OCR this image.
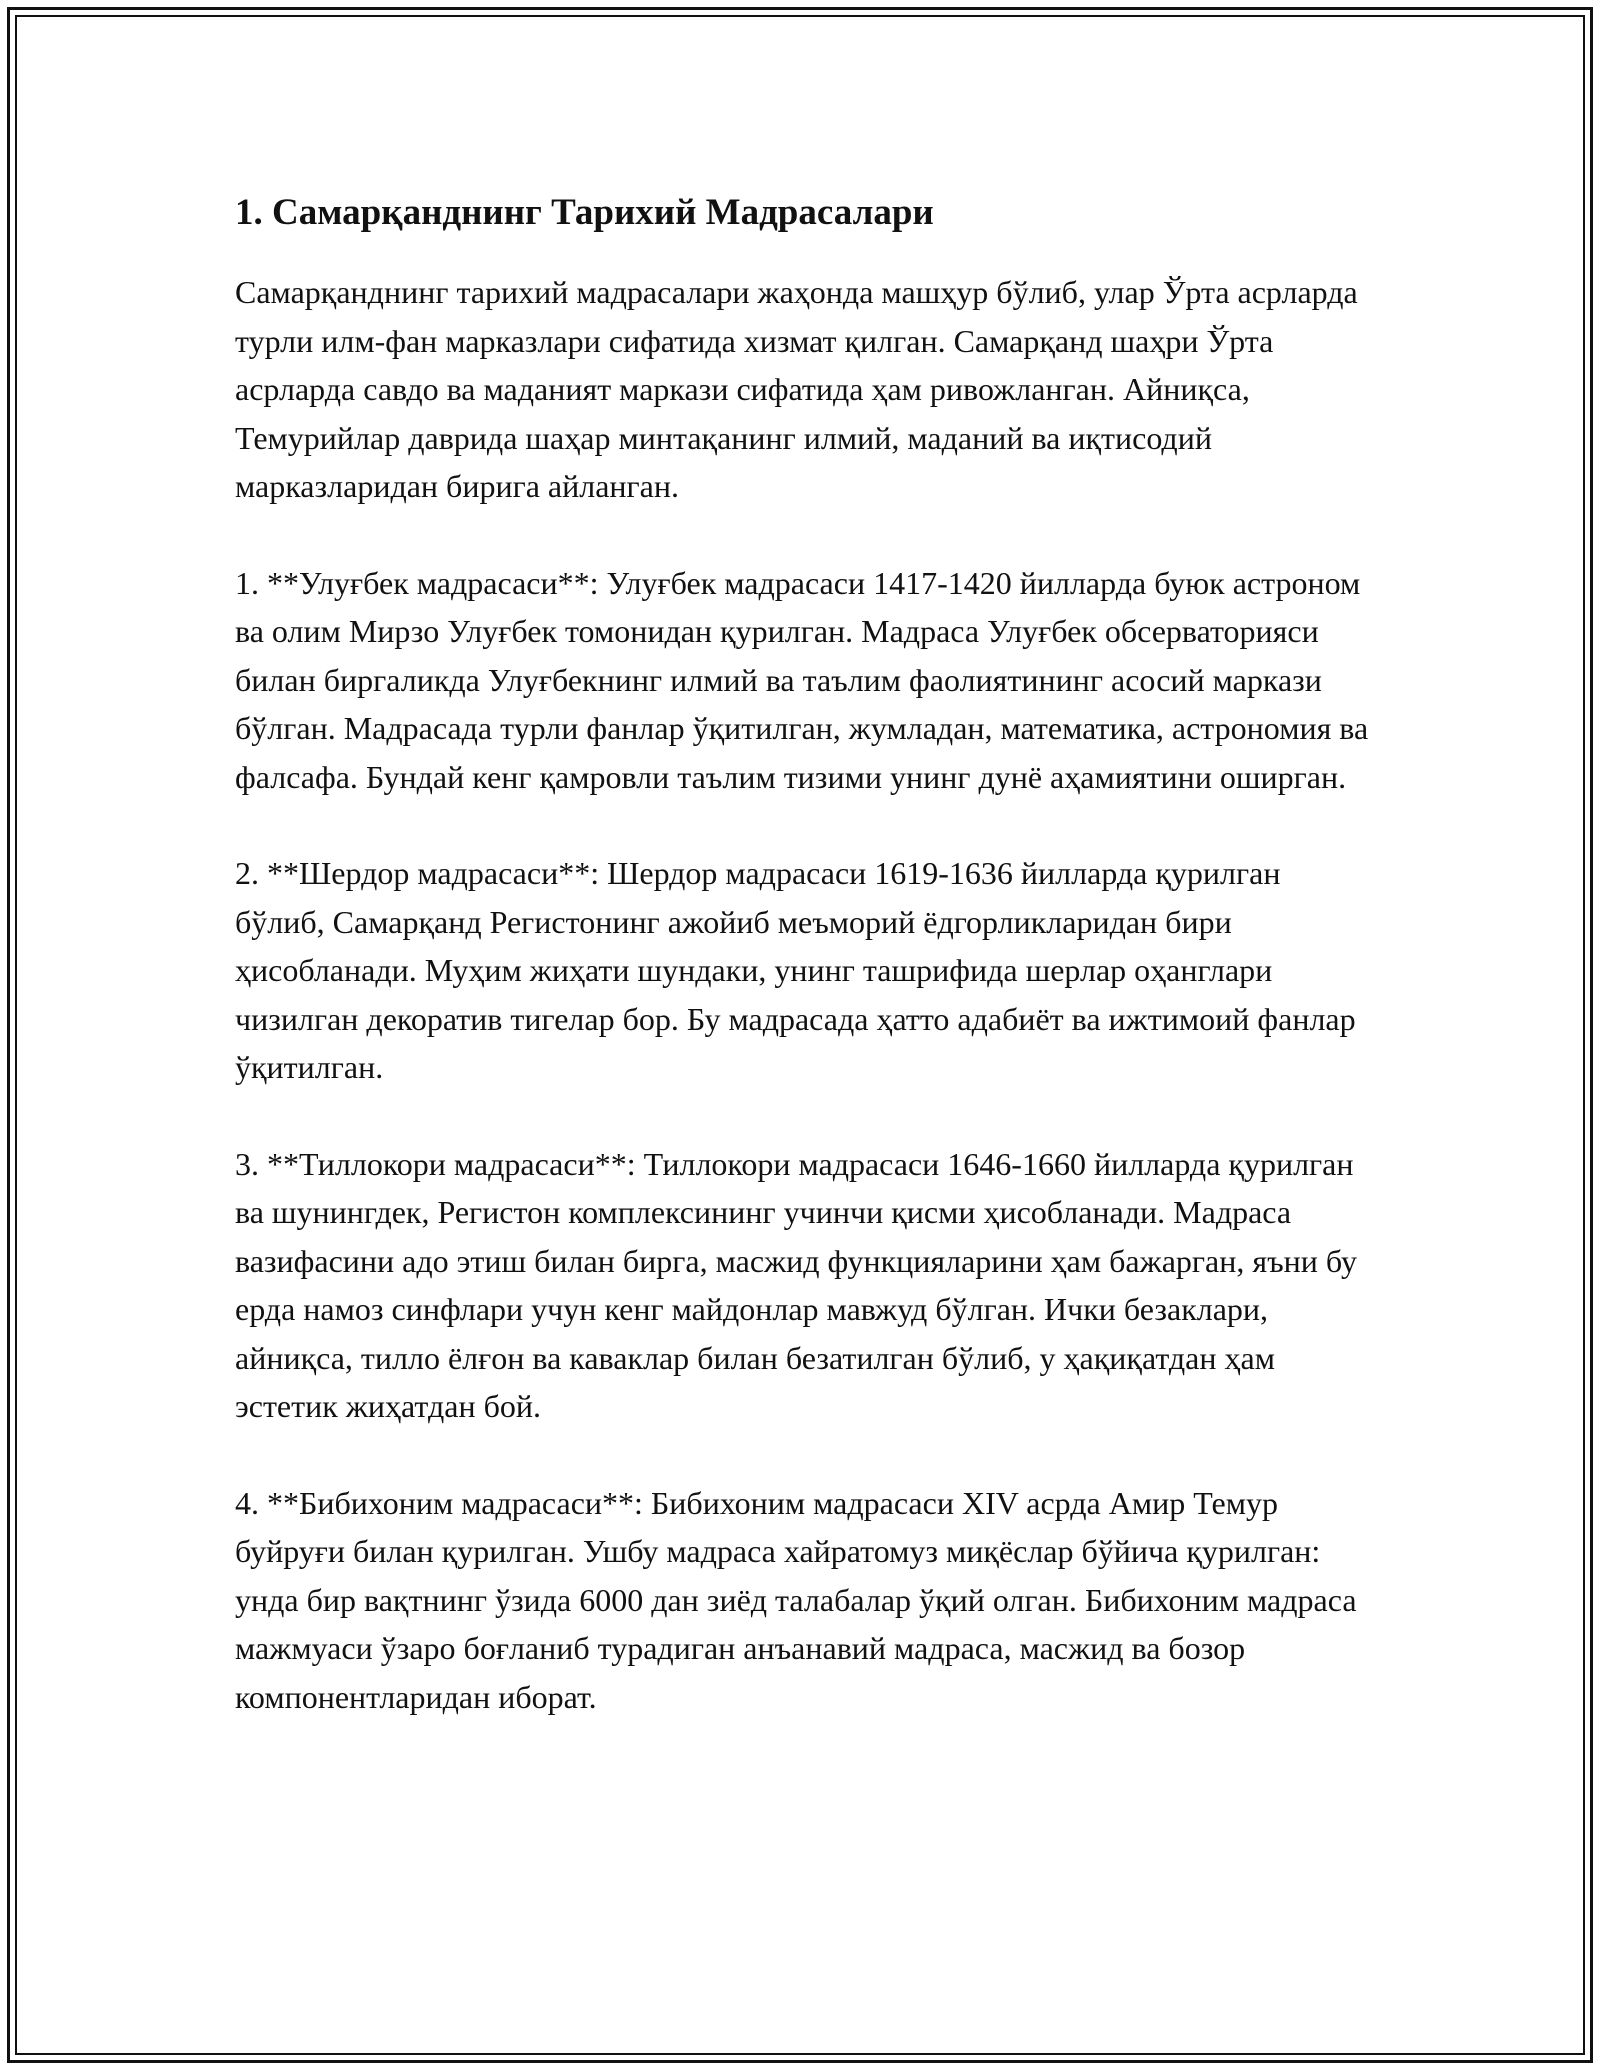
1. Самарқанднинг Тарихий Мадрасалари

Самарқанднинг тарихий мадрасалари жаҳонда машҳур бўлиб, улар Ўрта асрларда турли илм-фан марказлари сифатида хизмат қилган. Самарқанд шаҳри Ўрта асрларда савдо ва маданият маркази сифатида ҳам ривожланган. Айниқса, Темурийлар даврида шаҳар минтақанинг илмий, маданий ва иқтисодий марказларидан бирига айланган.

1. **Улуғбек мадрасаси**: Улуғбек мадрасаси 1417-1420 йилларда буюк астроном ва олим Мирзо Улуғбек томонидан қурилган. Мадраса Улуғбек обсерваторияси билан биргаликда Улуғбекнинг илмий ва таълим фаолиятининг асосий маркази бўлган. Мадрасада турли фанлар ўқитилган, жумладан, математика, астрономия ва фалсафа. Бундай кенг қамровли таълим тизими унинг дунё аҳамиятини оширган.

2. **Шердор мадрасаси**: Шердор мадрасаси 1619-1636 йилларда қурилган бўлиб, Самарқанд Регистонинг ажойиб меъморий ёдгорликларидан бири ҳисобланади. Муҳим жиҳати шундаки, унинг ташрифида шерлар оҳанглари чизилган декоратив тигелар бор. Бу мадрасада ҳатто адабиёт ва ижтимоий фанлар ўқитилган.

3. **Тиллокори мадрасаси**: Тиллокори мадрасаси 1646-1660 йилларда қурилган ва шунингдек, Регистон комплексининг учинчи қисми ҳисобланади. Мадраса вазифасини адо этиш билан бирга, масжид функцияларини ҳам бажарган, яъни бу ерда намоз синфлари учун кенг майдонлар мавжуд бўлган. Ички безаклари, айниқса, тилло ёлғон ва каваклар билан безатилган бўлиб, у ҳақиқатдан ҳам эстетик жиҳатдан бой.

4. **Бибихоним мадрасаси**: Бибихоним мадрасаси XIV асрда Амир Темур буйруғи билан қурилган. Ушбу мадраса хайратомуз миқёслар бўйича қурилган: унда бир вақтнинг ўзида 6000 дан зиёд талабалар ўқий олган. Бибихоним мадраса мажмуаси ўзаро боғланиб турадиган анъанавий мадраса, масжид ва бозор компонентларидан иборат.
